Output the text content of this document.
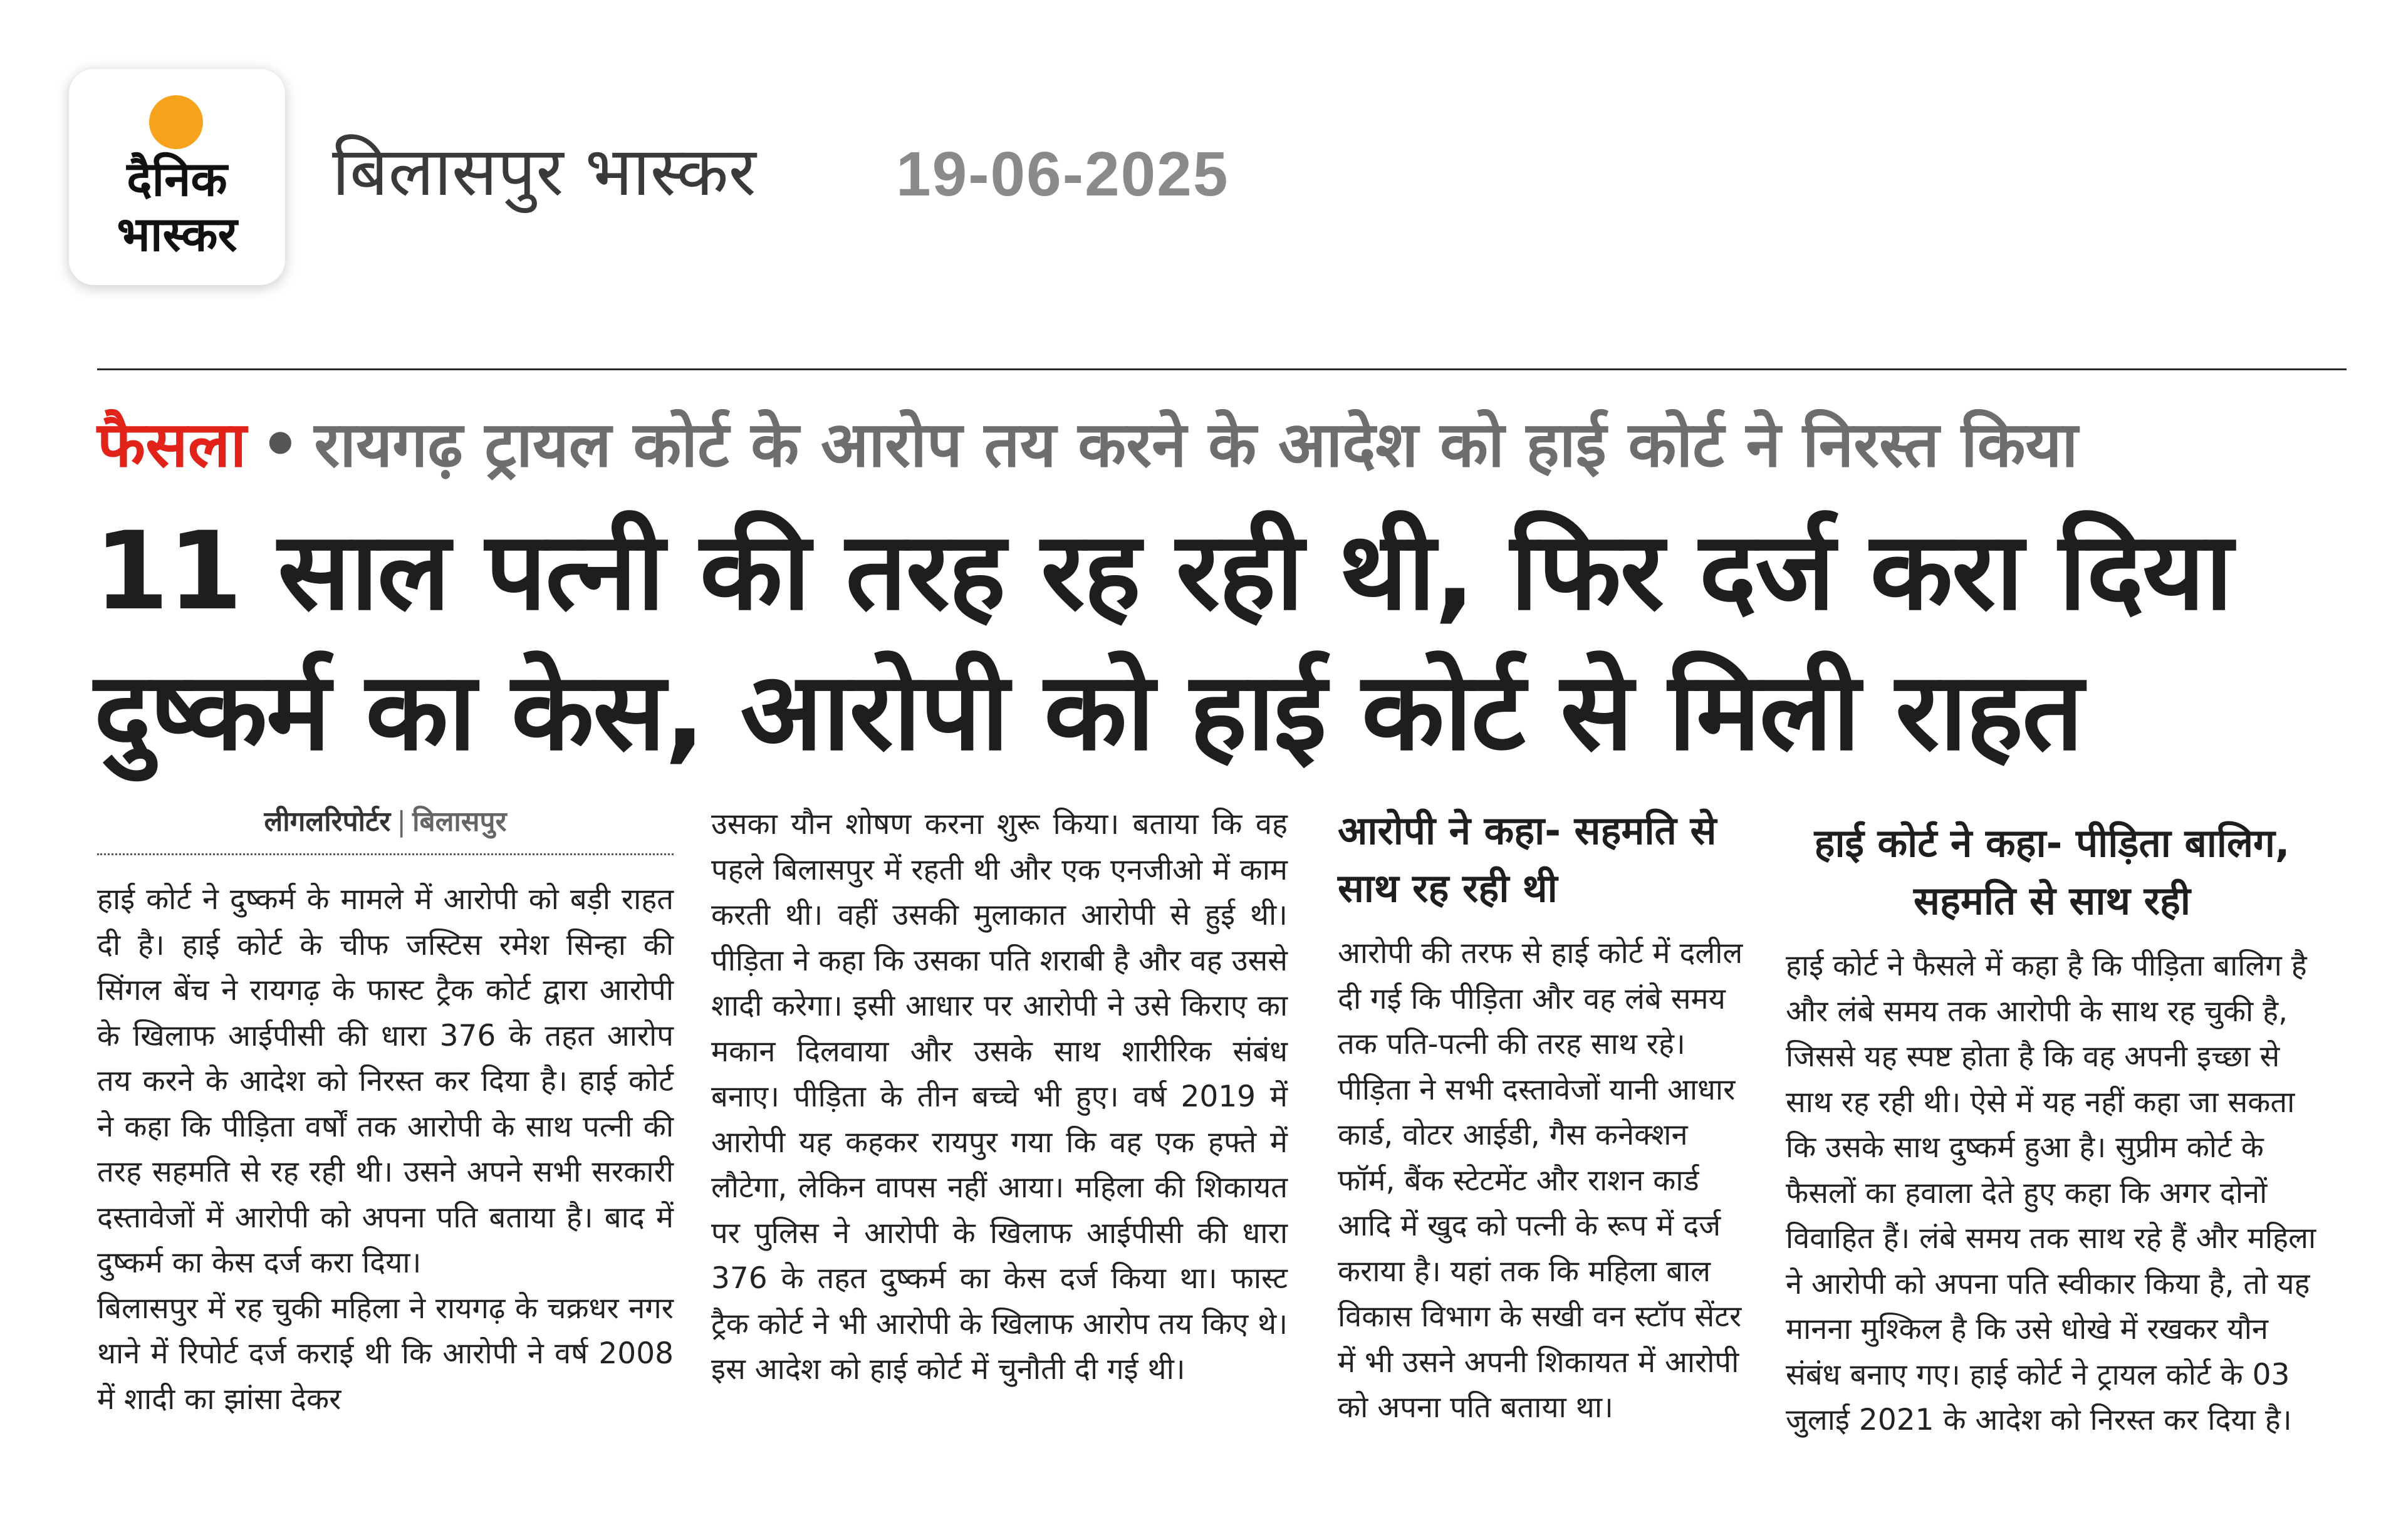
दैनिक
भास्कर
बिलासपुर भास्कर 19-06-2025
फैसला • रायगढ़ ट्रायल कोर्ट के आरोप तय करने के आदेश को हाई कोर्ट ने निरस्त किया
11 साल पत्नी की तरह रह रही थी, फिर दर्ज करा दिया
दुष्कर्म का केस, आरोपी को हाई कोर्ट से मिली राहत
लीगलरिपोर्टर | बिलासपुर

हाई कोर्ट ने दुष्कर्म के मामले में आरोपी को बड़ी राहत दी है। हाई कोर्ट के चीफ जस्टिस रमेश सिन्हा की सिंगल बेंच ने रायगढ़ के फास्ट ट्रैक कोर्ट द्वारा आरोपी के खिलाफ आईपीसी की धारा 376 के तहत आरोप तय करने के आदेश को निरस्त कर दिया है। हाई कोर्ट ने कहा कि पीड़िता वर्षों तक आरोपी के साथ पत्नी की तरह सहमति से रह रही थी। उसने अपने सभी सरकारी दस्तावेजों में आरोपी को अपना पति बताया है। बाद में दुष्कर्म का केस दर्ज करा दिया।

बिलासपुर में रह चुकी महिला ने रायगढ़ के चक्रधर नगर थाने में रिपोर्ट दर्ज कराई थी कि आरोपी ने वर्ष 2008 में शादी का झांसा देकर

उसका यौन शोषण करना शुरू किया। बताया कि वह पहले बिलासपुर में रहती थी और एक एनजीओ में काम करती थी। वहीं उसकी मुलाकात आरोपी से हुई थी। पीड़िता ने कहा कि उसका पति शराबी है और वह उससे शादी करेगा। इसी आधार पर आरोपी ने उसे किराए का मकान दिलवाया और उसके साथ शारीरिक संबंध बनाए। पीड़िता के तीन बच्चे भी हुए। वर्ष 2019 में आरोपी यह कहकर रायपुर गया कि वह एक हफ्ते में लौटेगा, लेकिन वापस नहीं आया। महिला की शिकायत पर पुलिस ने आरोपी के खिलाफ आईपीसी की धारा 376 के तहत दुष्कर्म का केस दर्ज किया था। फास्ट ट्रैक कोर्ट ने भी आरोपी के खिलाफ आरोप तय किए थे। इस आदेश को हाई कोर्ट में चुनौती दी गई थी।

आरोपी ने कहा- सहमति से साथ रह रही थी

आरोपी की तरफ से हाई कोर्ट में दलील दी गई कि पीड़िता और वह लंबे समय तक पति-पत्नी की तरह साथ रहे। पीड़िता ने सभी दस्तावेजों यानी आधार कार्ड, वोटर आईडी, गैस कनेक्शन फॉर्म, बैंक स्टेटमेंट और राशन कार्ड आदि में खुद को पत्नी के रूप में दर्ज कराया है। यहां तक कि महिला बाल विकास विभाग के सखी वन स्टॉप सेंटर में भी उसने अपनी शिकायत में आरोपी को अपना पति बताया था।

हाई कोर्ट ने कहा- पीड़िता बालिग, सहमति से साथ रही

हाई कोर्ट ने फैसले में कहा है कि पीड़िता बालिग है और लंबे समय तक आरोपी के साथ रह चुकी है, जिससे यह स्पष्ट होता है कि वह अपनी इच्छा से साथ रह रही थी। ऐसे में यह नहीं कहा जा सकता कि उसके साथ दुष्कर्म हुआ है। सुप्रीम कोर्ट के फैसलों का हवाला देते हुए कहा कि अगर दोनों विवाहित हैं। लंबे समय तक साथ रहे हैं और महिला ने आरोपी को अपना पति स्वीकार किया है, तो यह मानना मुश्किल है कि उसे धोखे में रखकर यौन संबंध बनाए गए। हाई कोर्ट ने ट्रायल कोर्ट के 03 जुलाई 2021 के आदेश को निरस्त कर दिया है।
